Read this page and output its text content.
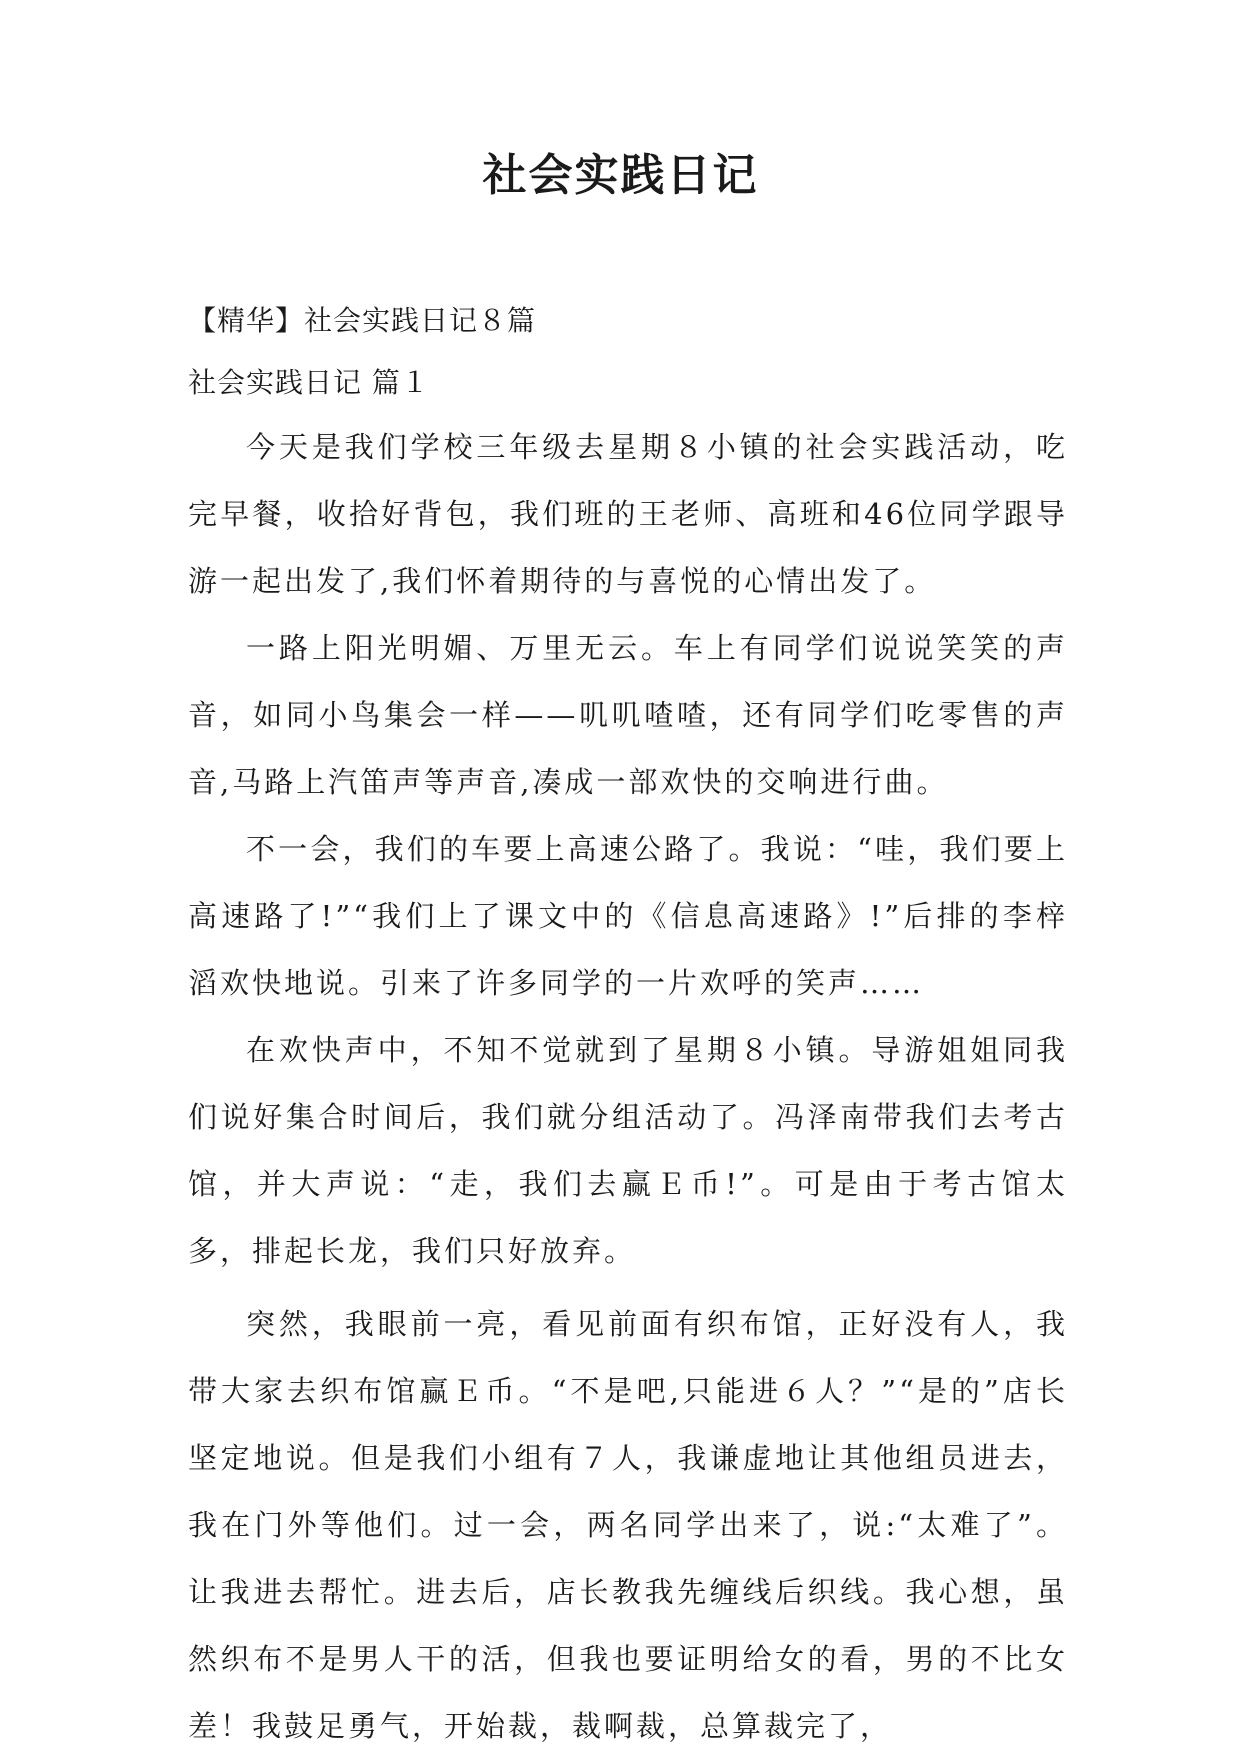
社会实践日记
【精华】社会实践日记８篇
社会实践日记 篇１

今天是我们学校三年级去星期８小镇的社会实践活动，吃完早餐，收拾好背包，我们班的王老师、高班和46位同学跟导游一起出发了,我们怀着期待的与喜悦的心情出发了。

一路上阳光明媚、万里无云。车上有同学们说说笑笑的声音，如同小鸟集会一样——叽叽喳喳，还有同学们吃零售的声音,马路上汽笛声等声音,凑成一部欢快的交响进行曲。

不一会，我们的车要上高速公路了。我说：“哇，我们要上高速路了!”“我们上了课文中的《信息高速路》!”后排的李梓滔欢快地说。引来了许多同学的一片欢呼的笑声……

在欢快声中，不知不觉就到了星期８小镇。导游姐姐同我们说好集合时间后，我们就分组活动了。冯泽南带我们去考古馆，并大声说：“走，我们去赢Ｅ币!”。可是由于考古馆太多，排起长龙，我们只好放弃。

突然，我眼前一亮，看见前面有织布馆，正好没有人，我带大家去织布馆赢Ｅ币。“不是吧,只能进６人？”“是的”店长坚定地说。但是我们小组有７人，我谦虚地让其他组员进去，我在门外等他们。过一会，两名同学出来了，说:“太难了”。让我进去帮忙。进去后，店长教我先缠线后织线。我心想，虽然织布不是男人干的活，但我也要证明给女的看，男的不比女差！我鼓足勇气，开始裁，裁啊裁，总算裁完了，
